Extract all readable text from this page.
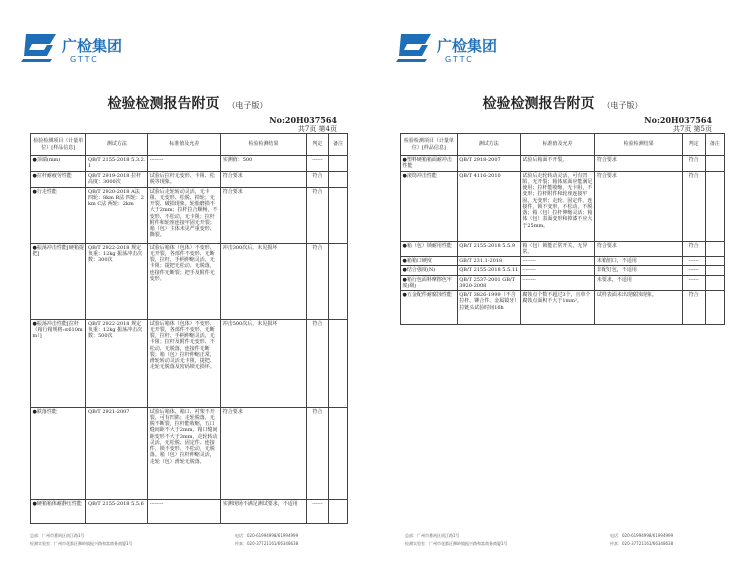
广检集团
GTTC
检验检测报告附页 （电子版）
No:20H037564
共7页 第4页
检验检测项目（计量单位）[样品信息]	测试方法	标准值及允差	检验检测结果	判定	备注
●顶端(mm)	QB/T 2155-2018 5.3.2.1	--------	实测值：500	------	
●拉杆耐疲劳性能	QB/T 2919-2018 拉杆高度：3000次	试验后拉杆无变形、卡阻、松脱等现象。	符合要求	符合	
●行走性能	QB/T 2920-2018 A法 四轮：8km B法 四轮：2km C法 两轮：2km	试验后走轮转动灵活，无卡阻、无变形、松脱、掉轮；无开裂、破损现象。轮胎磨损不大于2mm；拉杆拉合顺畅，不变形、不松动，无卡阻；拉杆附件和轮座连接牢固无开裂；箱（包）主体未见严重变形、撕裂。	符合要求	符合	
●振荡冲击性能[硬箱提把]	QB/T 2922-2018 规定负重：12kg 振荡冲击次数：300次	试验后箱体（包体）不变形、无开裂，各部件不变形、无断裂，拉杆、手柄伸缩灵活，无卡阻；提把无松动、无脱落，连接件无断裂；把手及附件无变形。	冲击300次后，未见损坏	符合	
●振荡冲击性能[拉杆（箱行箱规格:≤610mm）]	QB/T 2922-2018 规定负重：12kg 振荡冲击次数：500次	试验后箱体（包体）不变形、无开裂，各部件不变形、无断裂，拉杆、手柄伸缩灵活，无卡阻；拉杆及附件无变形、不松动、无脱落，连接件无断裂；箱（包）拉杆伸缩正常，滑轮转动灵活无卡阻，提把、走轮无脱落及密码锁无损坏。	冲击500次后，未见损坏	符合	
●跌落性能	QB/T 2921-2007	试验后箱体、箱口、衬架不开裂，可有凹陷；走轮脱落，无脱不断裂，拉杆能收缩，五口缝间距不大于2mm，箱口缝间距变形不大于3mm，走轮转动灵活，无松脱、固定件、连接件，锁不变形、不松动，无脱落。箱（包）拉杆伸缩灵活，走轮（包）滑轮无脱落。	符合要求	符合	
●硬箱箱体耐静压性能	QB/T 2155-2018 5.5.6	--------	实测现场不满足测试要求，不适用	------	
总部：广州市番禺区南江路1号	电话：020-61994998/61994999
检测实验室：广州市花都区狮岭镇振兴路和富商务商厦1号	传真：020-37721161/66348638
广检集团
GTTC
检验检测报告附页 （电子版）
No:20H037564
共7页 第5页
检验检测项目（计量单位）[样品信息]	测试方法	标准值及允差	检验检测结果	判定	备注
●塑料硬箱箱面耐冲击性能	QB/T 2918-2007	试验后箱面不开裂。	符合要求	符合	
●滚筒冲击性能	QB/T 4116-2010	试验后走轮转动灵活，可有凹陷，无开裂；箱体底面应能满足使用；拉杆能收缩，无卡阻，不变形；拉杆附件和轮座连接牢固，无变形；走轮、固定件、连接件，锁不变形，不松动，不脱落；箱（包）拉杆伸缩灵活；箱体（包）表面变形和掉漆不应大于25mm。	符合要求	符合	
●箱（包）锁耐用性能	QB/T 2155-2018 5.5.9	箱（包）锁能正常开关，无异常。	符合要求	符合	
●箱箱口硬度	GB/T 231.1-2018	--------	未箱铝口，不适用	------	
●结合强度(N)	QB/T 2155-2018 5.5.11	--------	非配钉包，不适用	------	
●箱行包面料摩擦色牢度(级)	QB/T 2537-2001 GB/T 3920-2008	--------	未要求，不适用	------	
●五金配件耐腐蚀性能	QB/T 3826-1999（不含拉杆、铆合件、金属镜牙）拉链头试验时间16h	腐蚀点个数不超过3个，且单个腐蚀点面积不大于1mm²。	试样表面未出现腐蚀现象。	符合	
总部：广州市番禺区南江路1号	电话：020-61994998/61994999
检测实验室：广州市花都区狮岭镇振兴路和富商务商厦1号	传真：020-37721161/66348638
